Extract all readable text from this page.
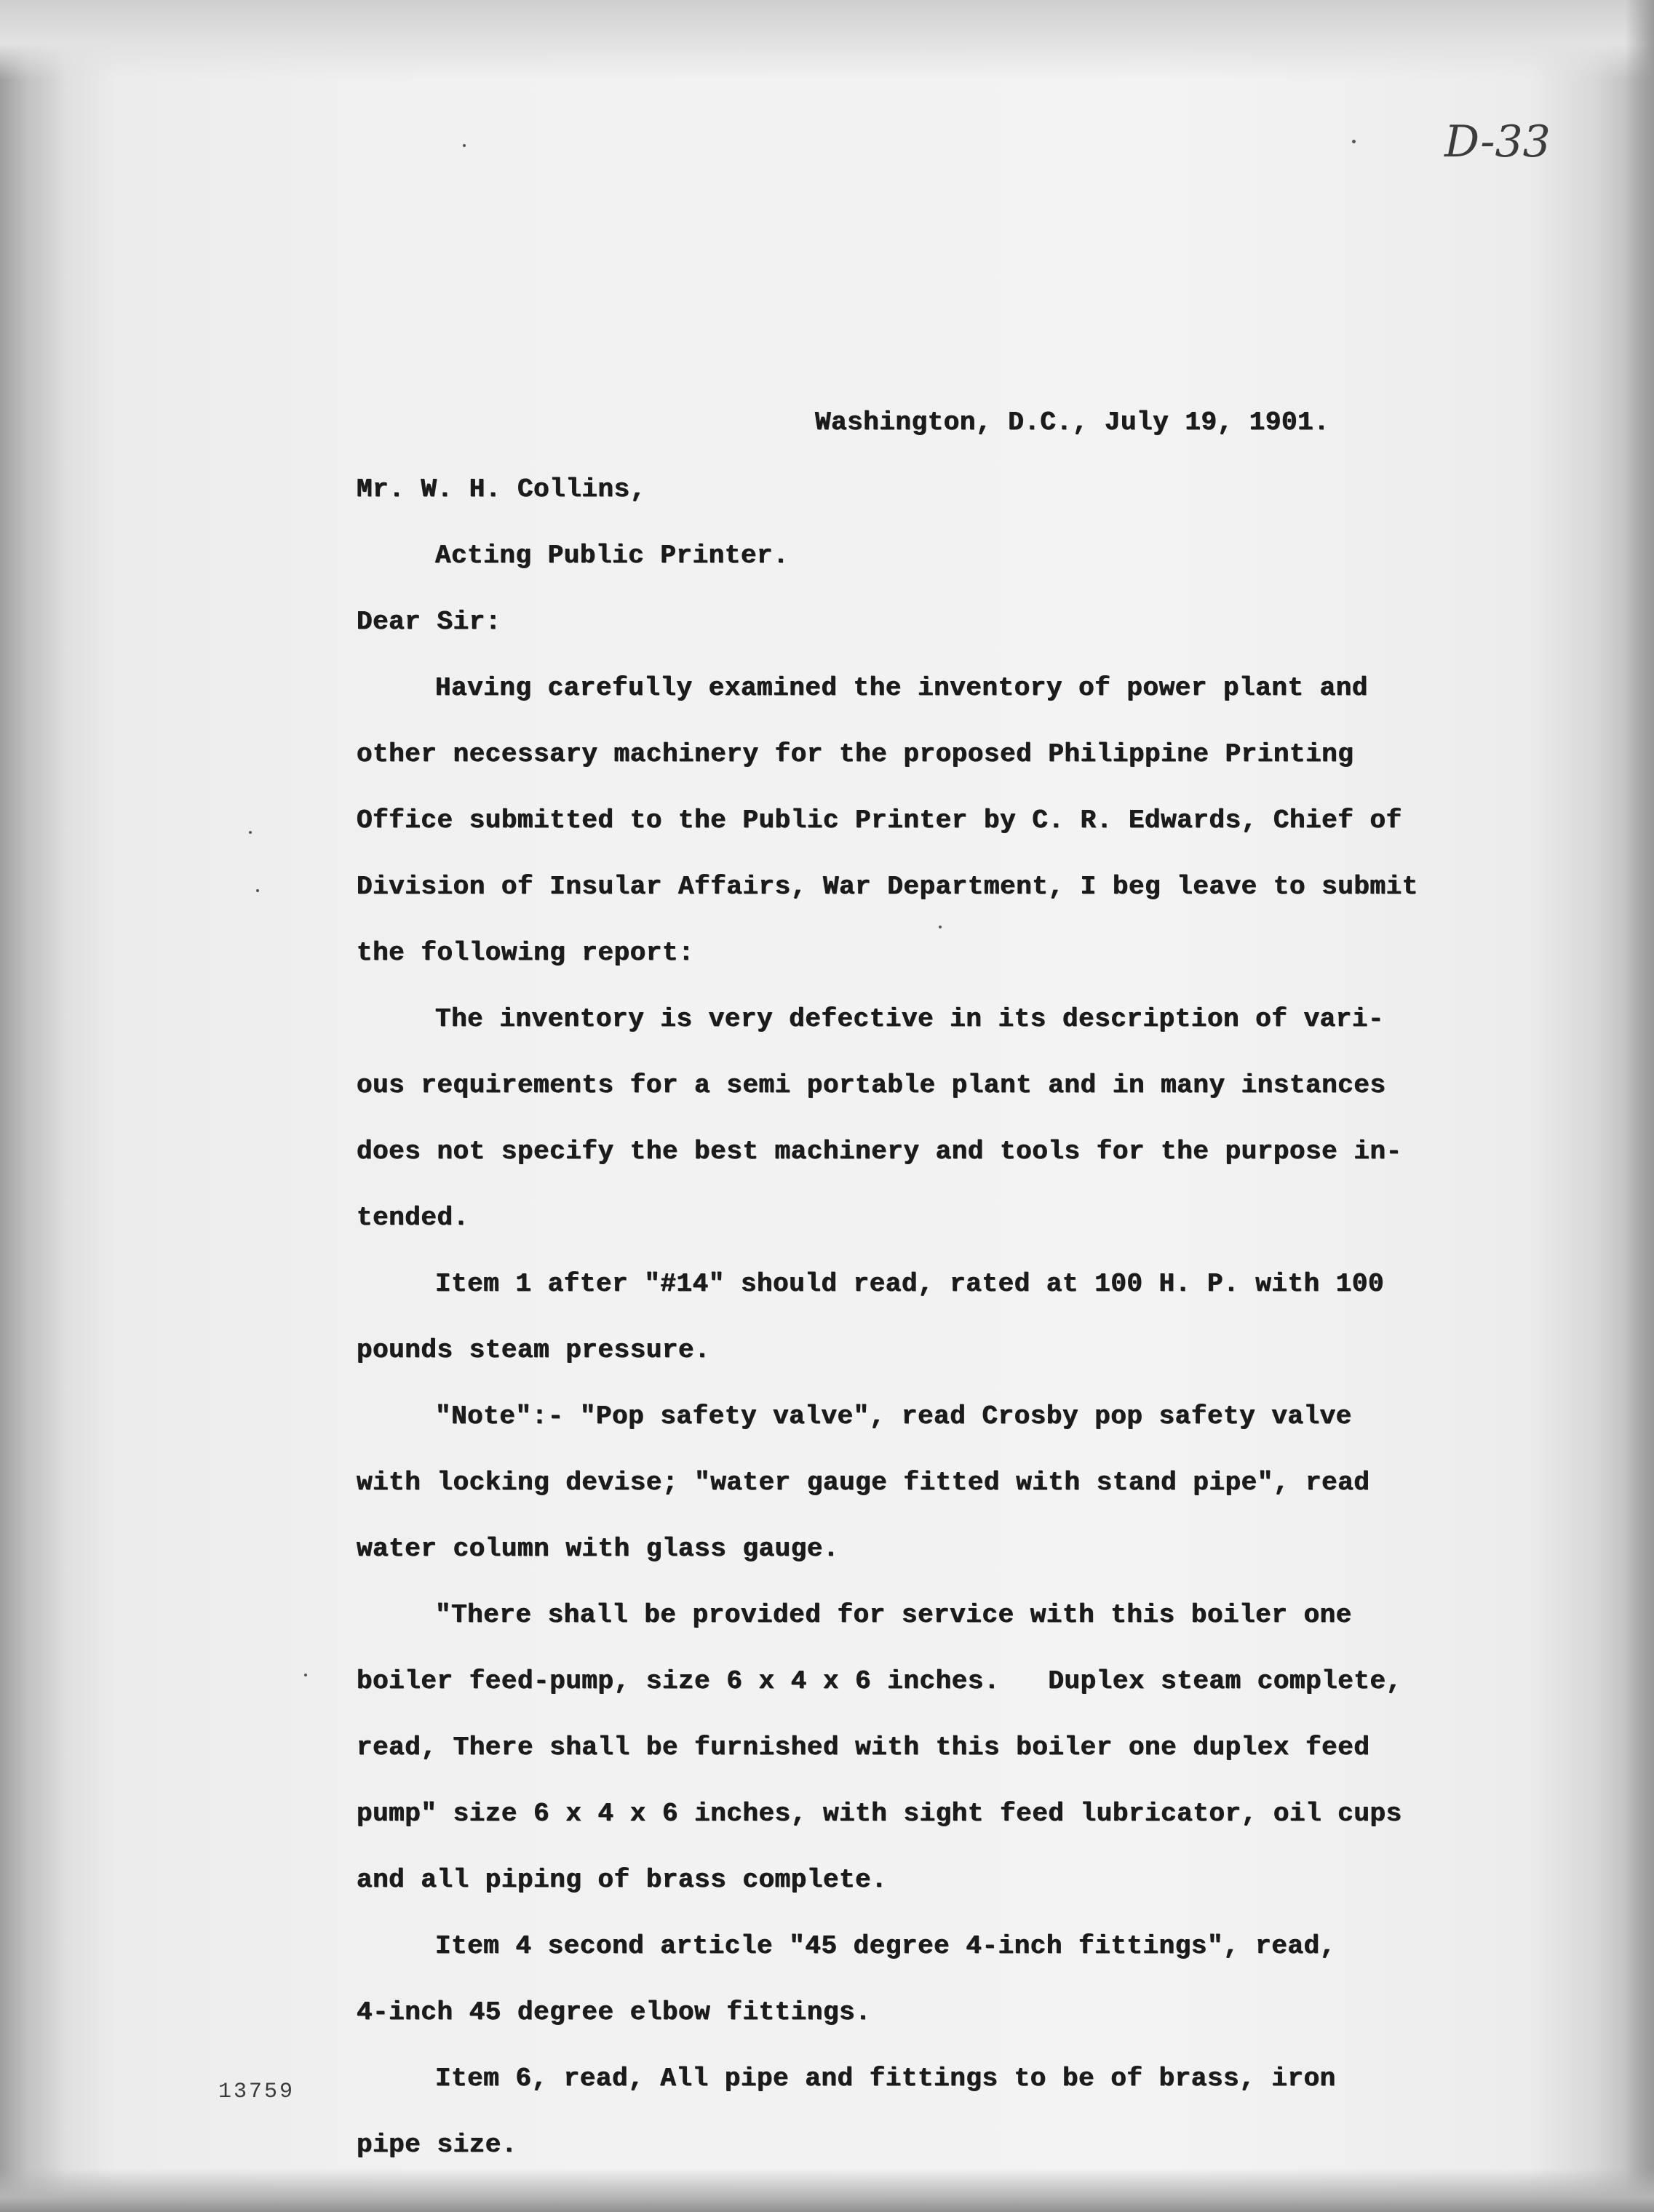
D-33
Washington, D.C., July 19, 1901.
Mr. W. H. Collins,
Acting Public Printer.
Dear Sir:
Having carefully examined the inventory of power plant and
other necessary machinery for the proposed Philippine Printing
Office submitted to the Public Printer by C. R. Edwards, Chief of
Division of Insular Affairs, War Department, I beg leave to submit
the following report:
The inventory is very defective in its description of vari-
ous requirements for a semi portable plant and in many instances
does not specify the best machinery and tools for the purpose in-
tended.
Item 1 after "#14" should read, rated at 100 H. P. with 100
pounds steam pressure.
"Note":- "Pop safety valve", read Crosby pop safety valve
with locking devise; "water gauge fitted with stand pipe", read
water column with glass gauge.
"There shall be provided for service with this boiler one
boiler feed-pump, size 6 x 4 x 6 inches.   Duplex steam complete,
read, There shall be furnished with this boiler one duplex feed
pump" size 6 x 4 x 6 inches, with sight feed lubricator, oil cups
and all piping of brass complete.
Item 4 second article "45 degree 4-inch fittings", read,
4-inch 45 degree elbow fittings.
Item 6, read, All pipe and fittings to be of brass, iron
pipe size.
13759
